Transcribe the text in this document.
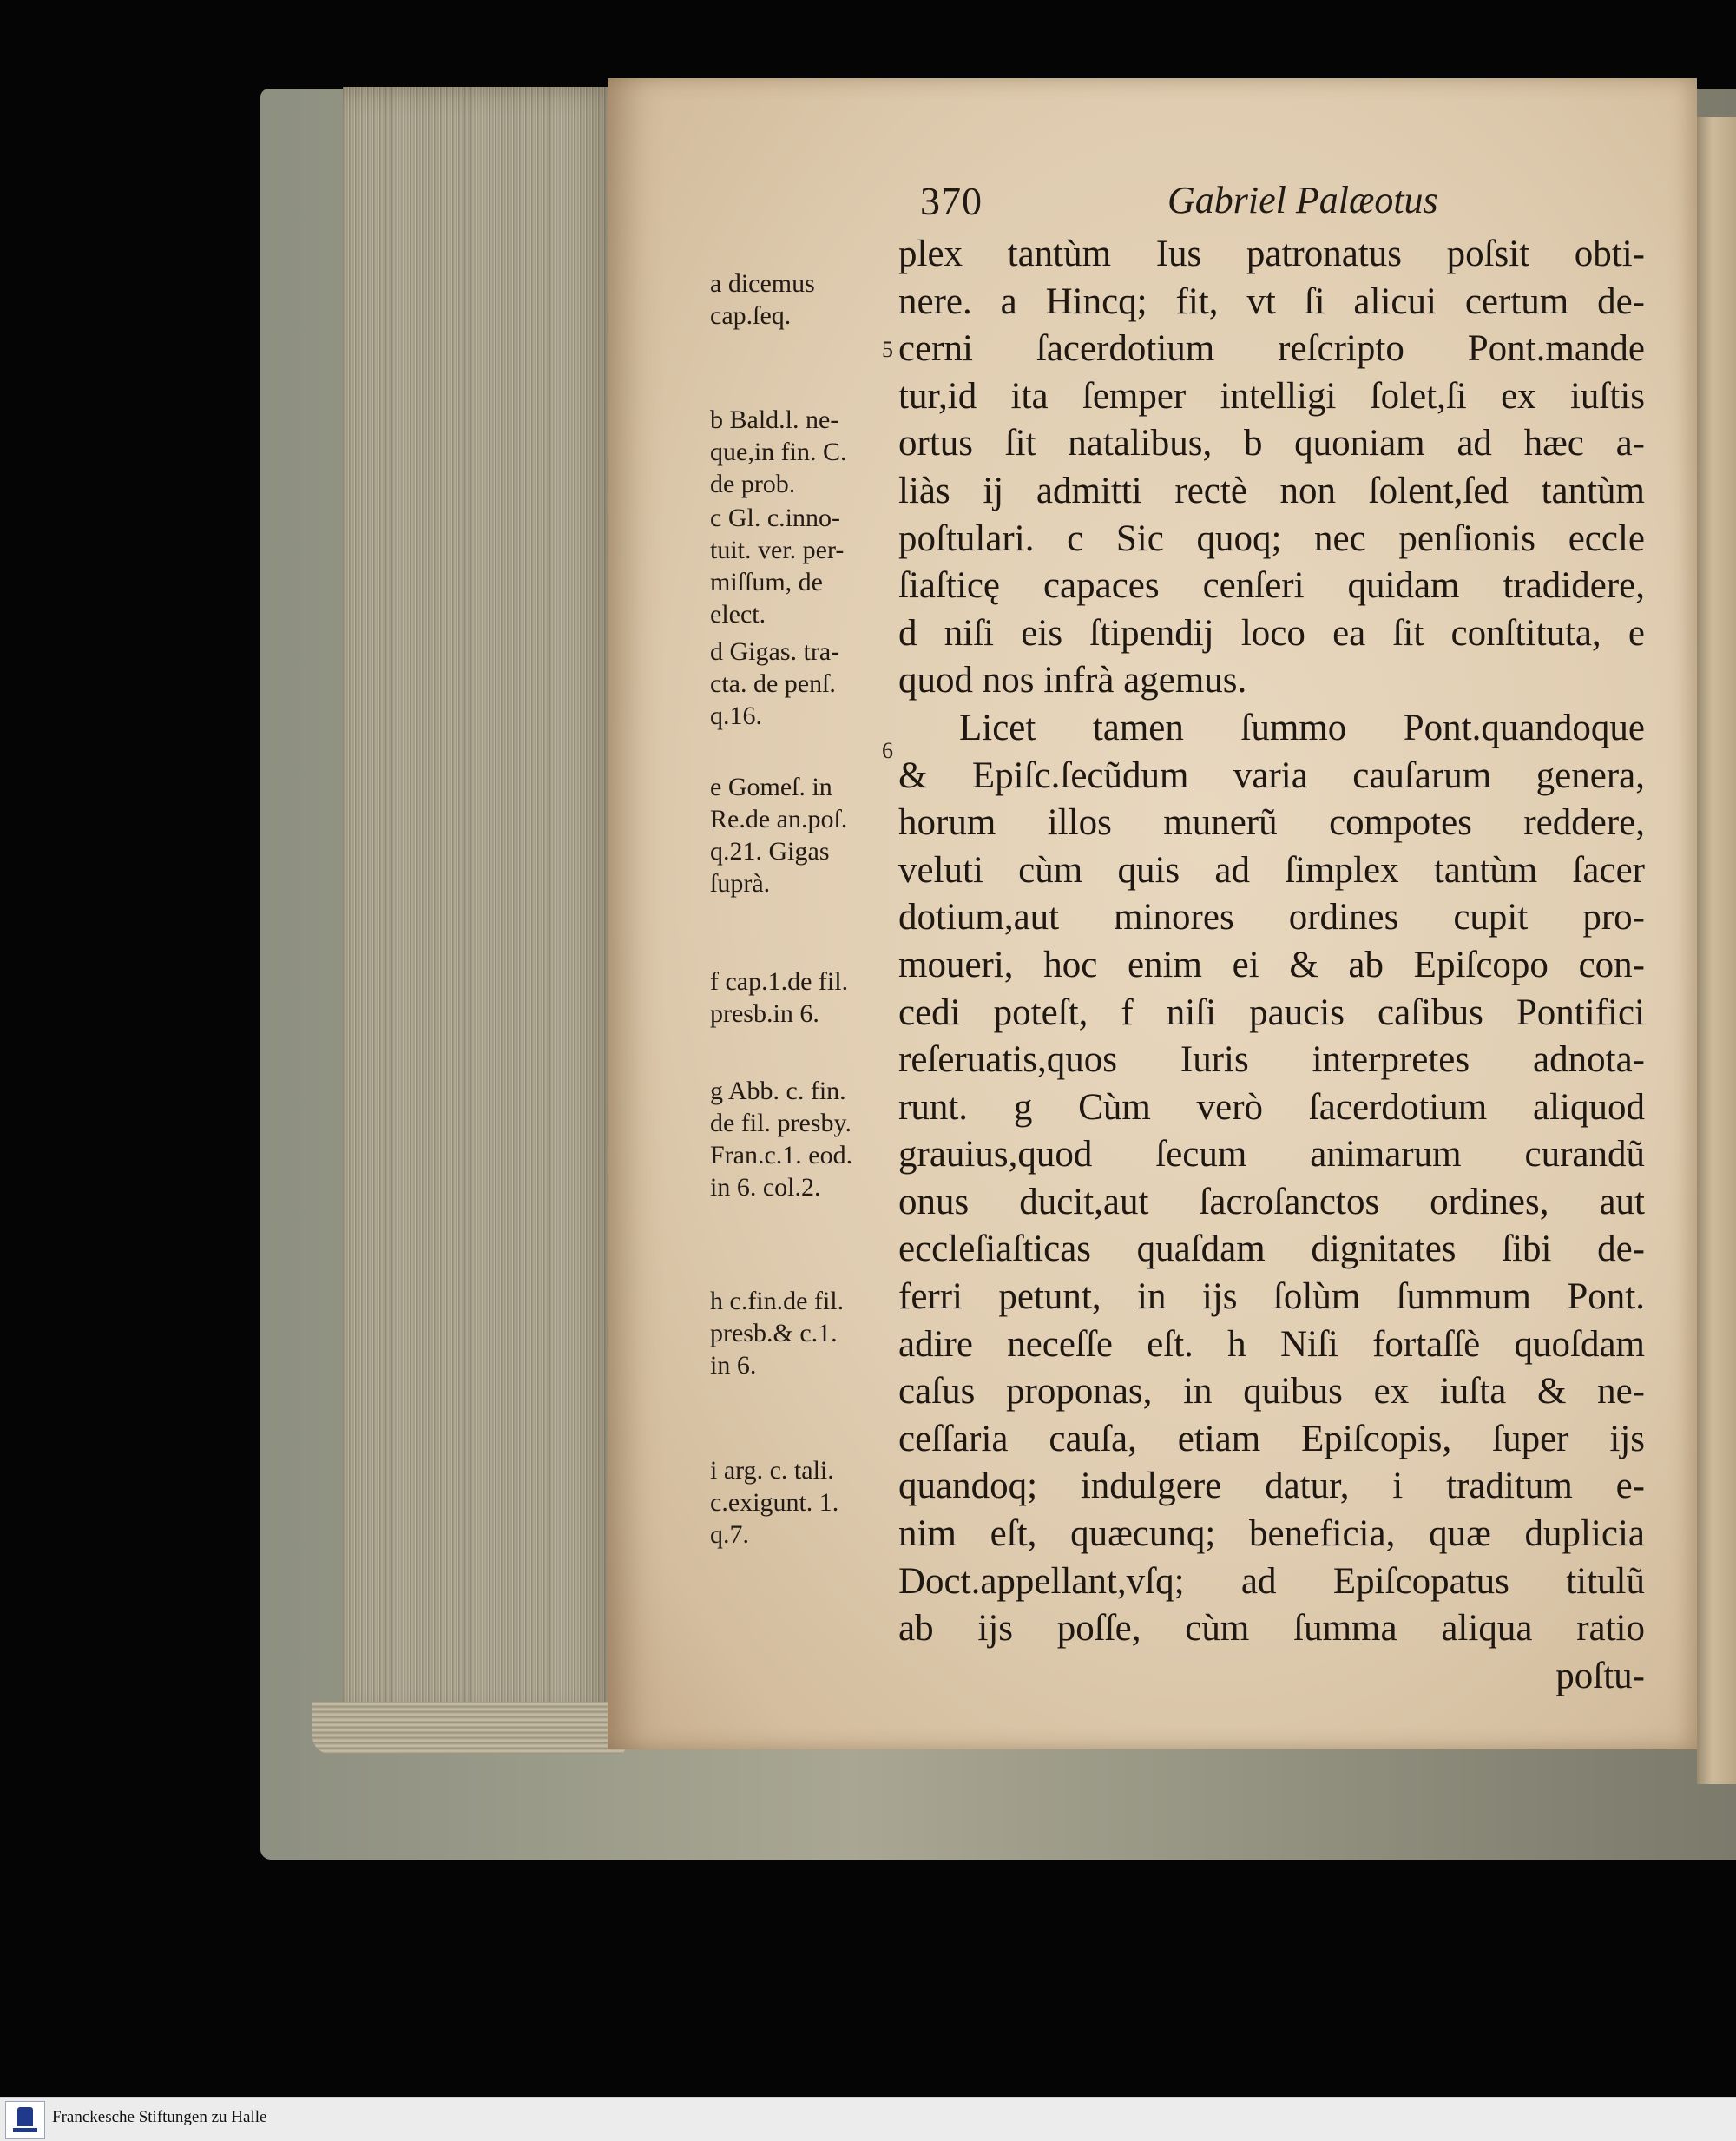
370	Gabriel Palæotus
plex tantùm Ius patronatus poſsit obti-
nere. a Hincq; fit, vt ſi alicui certum de-
cerni ſacerdotium reſcripto Pont.mande
tur,id ita ſemper intelligi ſolet,ſi ex iuſtis
ortus ſit natalibus, b quoniam ad hæc a-
liàs ij admitti rectè non ſolent,ſed tantùm
poſtulari. c Sic quoq; nec penſionis eccle
ſiaſticę capaces cenſeri quidam tradidere,
d niſi eis ſtipendij loco ea ſit conſtituta, e
quod nos infrà agemus.
Licet tamen ſummo Pont.quandoque
& Epiſc.ſecũdum varia cauſarum genera,
horum illos munerũ compotes reddere,
veluti cùm quis ad ſimplex tantùm ſacer
dotium,aut minores ordines cupit pro-
moueri, hoc enim ei & ab Epiſcopo con-
cedi poteſt, f niſi paucis caſibus Pontifici
reſeruatis,quos Iuris interpretes adnota-
runt. g Cùm verò ſacerdotium aliquod
grauius,quod ſecum animarum curandũ
onus ducit,aut ſacroſanctos ordines, aut
eccleſiaſticas quaſdam dignitates ſibi de-
ferri petunt, in ijs ſolùm ſummum Pont.
adire neceſſe eſt. h Niſi fortaſſè quoſdam
caſus proponas, in quibus ex iuſta & ne-
ceſſaria cauſa, etiam Epiſcopis, ſuper ijs
quandoq; indulgere datur, i traditum e-
nim eſt, quæcunq; beneficia, quæ duplicia
Doct.appellant,vſq; ad Epiſcopatus titulũ
ab ijs poſſe, cùm ſumma aliqua ratio
poſtu-
5
6
a dicemus
cap.ſeq.
b Bald.l. ne-
que,in fin. C.
de prob.
c Gl. c.inno-
tuit. ver. per-
miſſum, de
elect.
d Gigas. tra-
cta. de penſ.
q.16.
e Gomeſ. in
Re.de an.poſ.
q.21. Gigas
ſuprà.
f cap.1.de fil.
presb.in 6.
g Abb. c. fin.
de fil. presby.
Fran.c.1. eod.
in 6. col.2.
h c.fin.de fil.
presb.& c.1.
in 6.
i arg. c. tali.
c.exigunt. 1.
q.7.
Franckesche Stiftungen zu Halle
